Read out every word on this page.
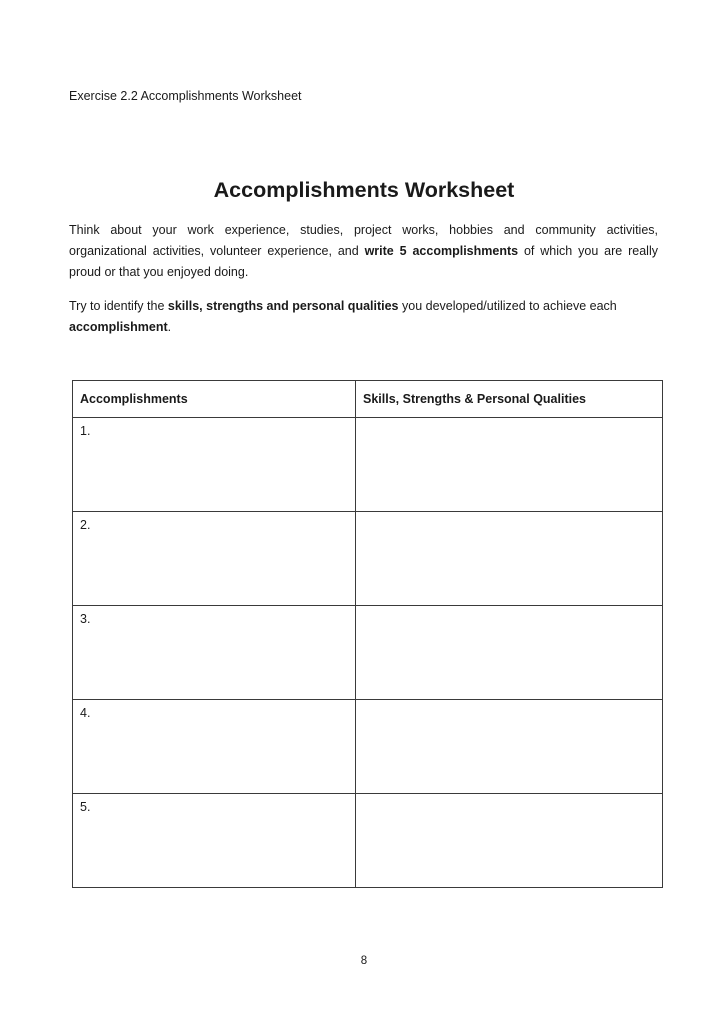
Exercise 2.2 Accomplishments Worksheet
Accomplishments Worksheet

Think about your work experience, studies, project works, hobbies and community activities, organizational activities, volunteer experience, and write 5 accomplishments of which you are really proud or that you enjoyed doing.

Try to identify the skills, strengths and personal qualities you developed/utilized to achieve each accomplishment.

Accomplishments	Skills, Strengths & Personal Qualities
1.	
2.	
3.	
4.	
5.	
8
